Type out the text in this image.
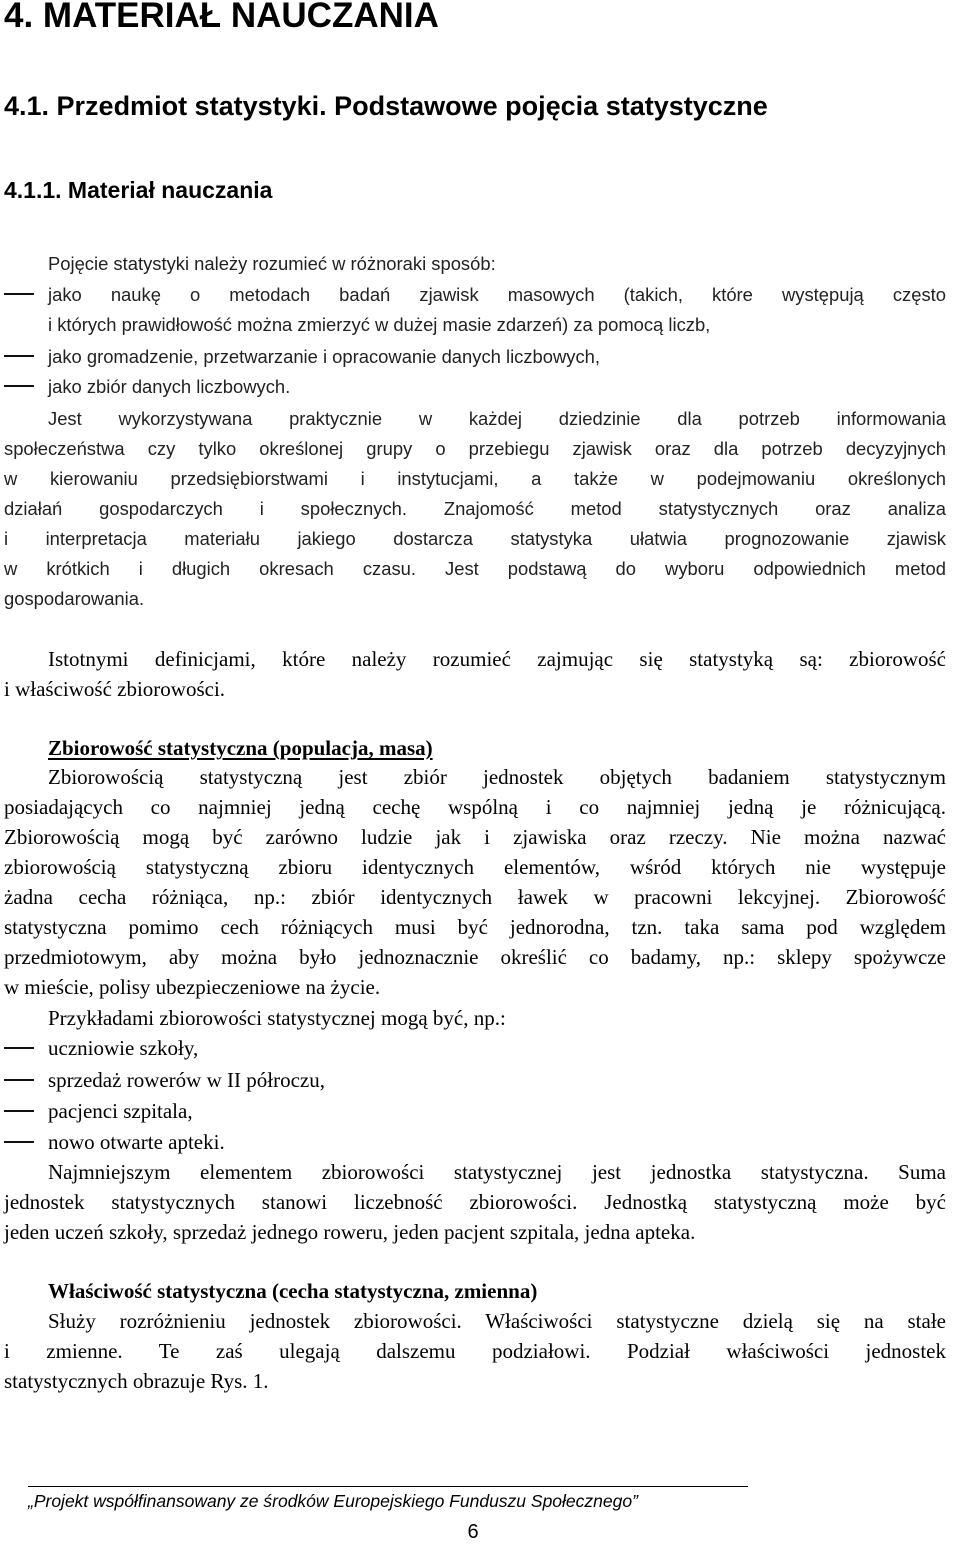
4. MATERIAŁ NAUCZANIA
4.1. Przedmiot statystyki. Podstawowe pojęcia statystyczne
4.1.1. Materiał nauczania
Pojęcie statystyki należy rozumieć w różnoraki sposób:
jako naukę o metodach badań zjawisk masowych (takich, które występują często
i których prawidłowość można zmierzyć w dużej masie zdarzeń) za pomocą liczb,
jako gromadzenie, przetwarzanie i opracowanie danych liczbowych,
jako zbiór danych liczbowych.
Jest wykorzystywana praktycznie w każdej dziedzinie dla potrzeb informowania
społeczeństwa czy tylko określonej grupy o przebiegu zjawisk oraz dla potrzeb decyzyjnych
w kierowaniu przedsiębiorstwami i instytucjami, a także w podejmowaniu określonych
działań gospodarczych i społecznych. Znajomość metod statystycznych oraz analiza
i interpretacja materiału jakiego dostarcza statystyka ułatwia prognozowanie zjawisk
w krótkich i długich okresach czasu. Jest podstawą do wyboru odpowiednich metod
gospodarowania.
Istotnymi definicjami, które należy rozumieć zajmując się statystyką są: zbiorowość
i właściwość zbiorowości.
Zbiorowość statystyczna (populacja, masa)
Zbiorowością statystyczną jest zbiór jednostek objętych badaniem statystycznym
posiadających co najmniej jedną cechę wspólną i co najmniej jedną je różnicującą.
Zbiorowością mogą być zarówno ludzie jak i zjawiska oraz rzeczy. Nie można nazwać
zbiorowością statystyczną zbioru identycznych elementów, wśród których nie występuje
żadna cecha różniąca, np.: zbiór identycznych ławek w pracowni lekcyjnej. Zbiorowość
statystyczna pomimo cech różniących musi być jednorodna, tzn. taka sama pod względem
przedmiotowym, aby można było jednoznacznie określić co badamy, np.: sklepy spożywcze
w mieście, polisy ubezpieczeniowe na życie.
Przykładami zbiorowości statystycznej mogą być, np.:
uczniowie szkoły,
sprzedaż rowerów w II półroczu,
pacjenci szpitala,
nowo otwarte apteki.
Najmniejszym elementem zbiorowości statystycznej jest jednostka statystyczna. Suma
jednostek statystycznych stanowi liczebność zbiorowości. Jednostką statystyczną może być
jeden uczeń szkoły, sprzedaż jednego roweru, jeden pacjent szpitala, jedna apteka.
Właściwość statystyczna (cecha statystyczna, zmienna)
Służy rozróżnieniu jednostek zbiorowości. Właściwości statystyczne dzielą się na stałe
i zmienne. Te zaś ulegają dalszemu podziałowi. Podział właściwości jednostek
statystycznych obrazuje Rys. 1.
„Projekt współfinansowany ze środków Europejskiego Funduszu Społecznego”
6
